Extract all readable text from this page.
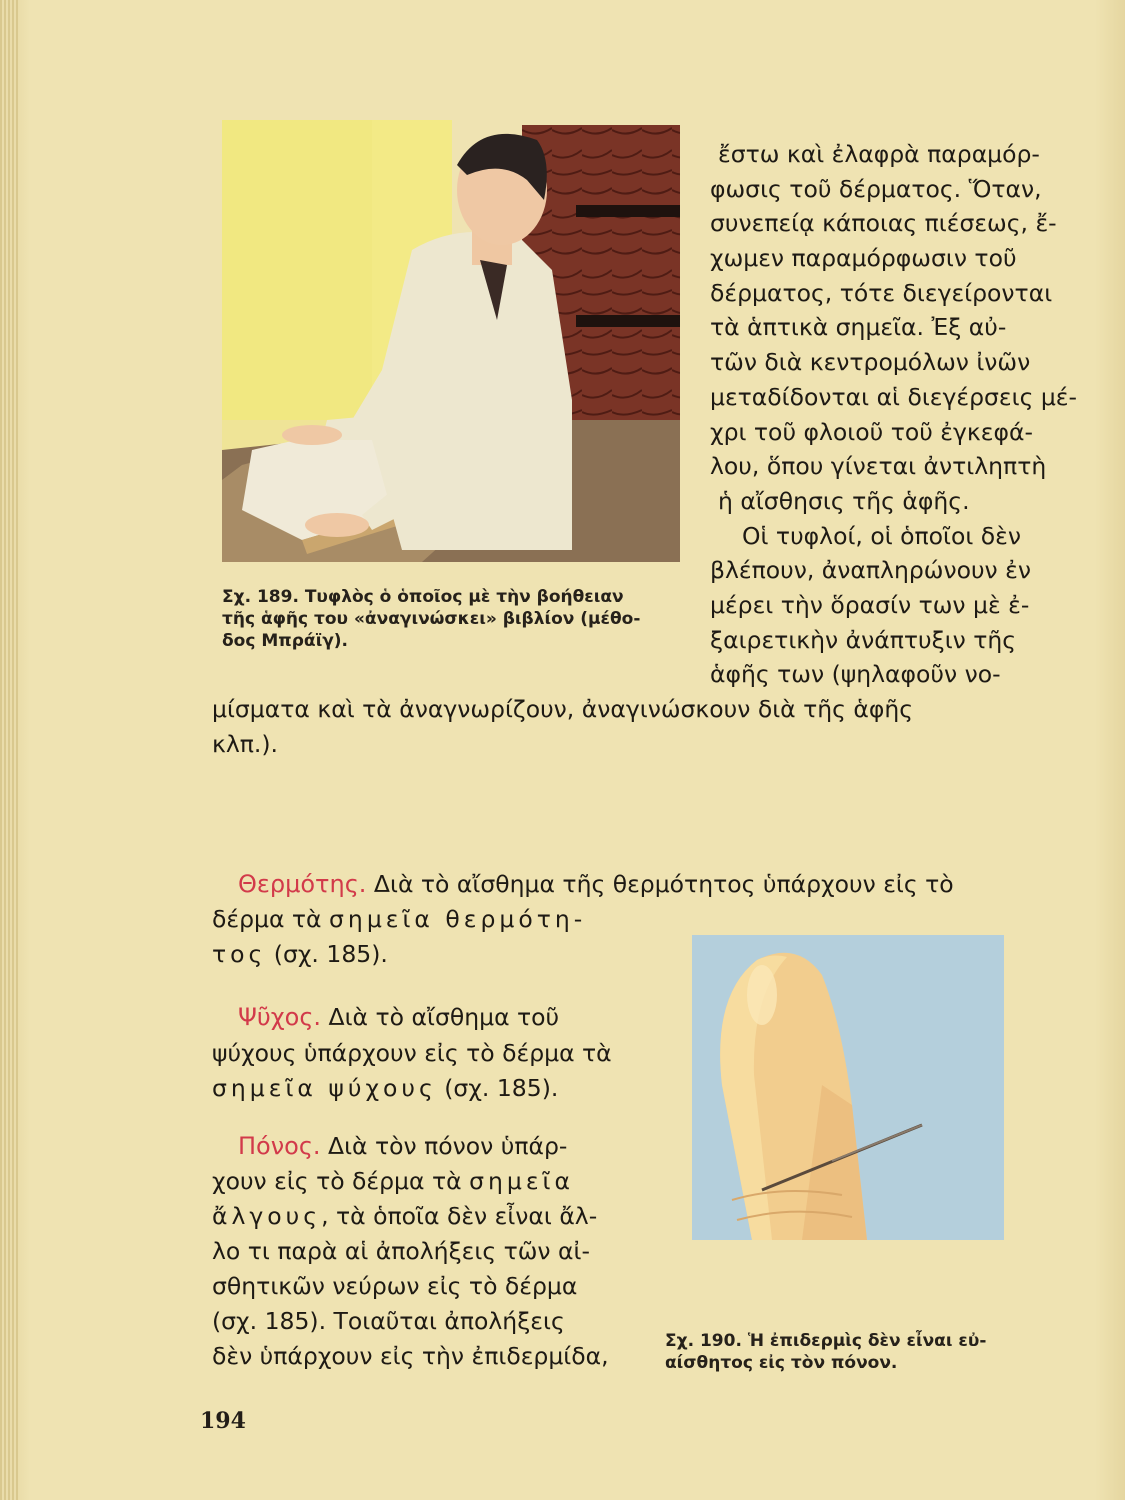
Σχ. 189. Τυφλὸς ὁ ὁποῖος μὲ τὴν βοήθειαν
τῆς ἁφῆς του «ἀναγινώσκει» βιβλίον (μέθο-
δος Μπράϊγ).
ἔστω καὶ ἐλαφρὰ παραμόρ-
φωσις τοῦ δέρματος. Ὅταν,
συνεπείᾳ κάποιας πιέσεως, ἔ-
χωμεν παραμόρφωσιν τοῦ
δέρματος, τότε διεγείρονται
τὰ ἁπτικὰ σημεῖα. Ἐξ αὐ-
τῶν διὰ κεντρομόλων ἰνῶν
μεταδίδονται αἱ διεγέρσεις μέ-
χρι τοῦ φλοιοῦ τοῦ ἐγκεφά-
λου, ὅπου γίνεται ἀντιληπτὴ
ἡ αἴσθησις τῆς ἁφῆς.
Οἱ τυφλοί, οἱ ὁποῖοι δὲν
βλέπουν, ἀναπληρώνουν ἐν
μέρει τὴν ὅρασίν των μὲ ἐ-
ξαιρετικὴν ἀνάπτυξιν τῆς
ἁφῆς των (ψηλαφοῦν νο-
μίσματα καὶ τὰ ἀναγνωρίζουν, ἀναγινώσκουν διὰ τῆς ἁφῆς
κλπ.).
Θερμότης. Διὰ τὸ αἴσθημα τῆς θερμότητος ὑπάρχουν εἰς τὸ
δέρμα τὰ σημεῖα θερμότη-
τος (σχ. 185).
Ψῦχος. Διὰ τὸ αἴσθημα τοῦ
ψύχους ὑπάρχουν εἰς τὸ δέρμα τὰ
σημεῖα ψύχους (σχ. 185).
Πόνος. Διὰ τὸν πόνον ὑπάρ-
χουν εἰς τὸ δέρμα τὰ σημεῖα
ἄλγους, τὰ ὁποῖα δὲν εἶναι ἄλ-
λο τι παρὰ αἱ ἀπολήξεις τῶν αἰ-
σθητικῶν νεύρων εἰς τὸ δέρμα
(σχ. 185). Τοιαῦται ἀπολήξεις
δὲν ὑπάρχουν εἰς τὴν ἐπιδερμίδα,
Σχ. 190. Ἡ ἐπιδερμὶς δὲν εἶναι εὐ-
αίσθητος εἰς τὸν πόνον.
194
